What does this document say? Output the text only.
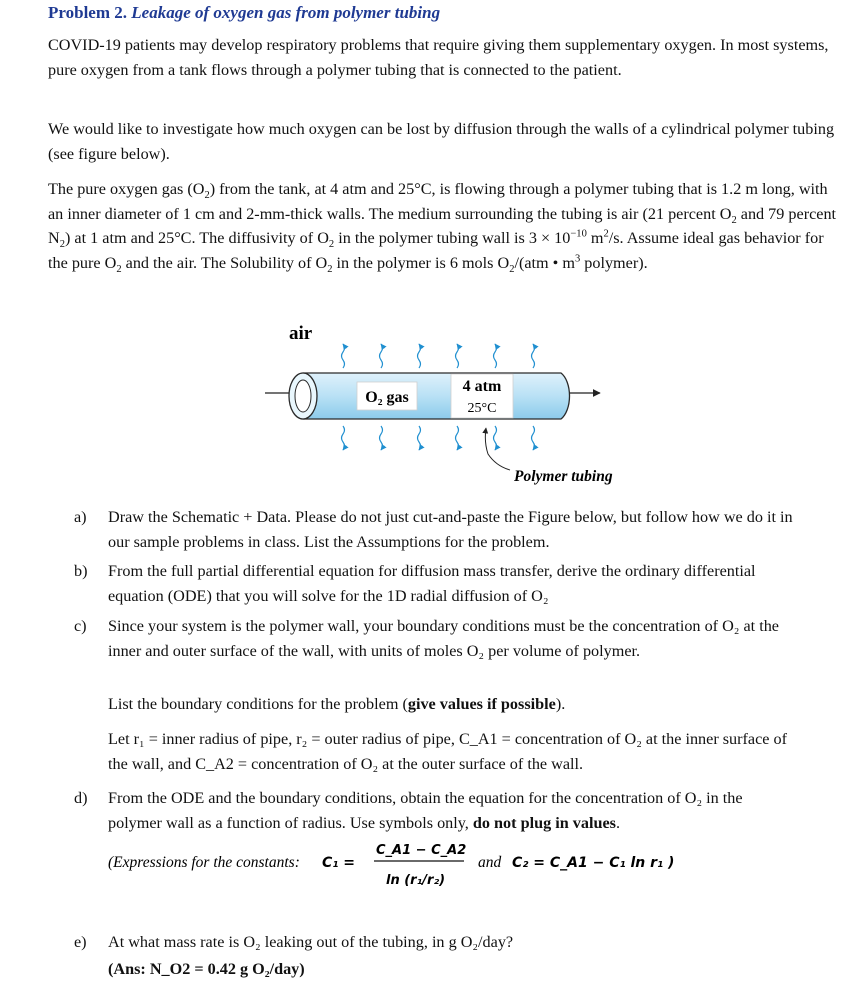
Problem 2. Leakage of oxygen gas from polymer tubing

COVID-19 patients may develop respiratory problems that require giving them supplementary oxygen. In most systems, pure oxygen from a tank flows through a polymer tubing that is connected to the patient.

We would like to investigate how much oxygen can be lost by diffusion through the walls of a cylindrical polymer tubing (see figure below).

The pure oxygen gas $(O_2)$ from the tank, at 4 atm and 25°C, is flowing through a polymer tubing that is 1.2 m long, with an inner diameter of 1 cm and 2-mm-thick walls. The medium surrounding the tubing is air (21 percent $O_2$ and 79 percent $N_2$) at 1 atm and 25°C. The diffusivity of $O_2$ in the polymer tubing wall is $3 \times 10^{-10}$ $m^2/s$. Assume ideal gas behavior for the pure $O_2$ and the air. The Solubility of $O_2$ in the polymer is 6 mols $O_2/(atm$ • $m^3$ polymer).

air
O₂ gas
4 atm
25°C
Polymer tubing
a) Draw the Schematic + Data. Please do not just cut-and-paste the Figure below, but follow how we do it in our sample problems in class. List the Assumptions for the problem.
b) From the full partial differential equation for diffusion mass transfer, derive the ordinary differential equation (ODE) that you will solve for the 1D radial diffusion of O₂
c) Since your system is the polymer wall, your boundary conditions must be the concentration of O₂ at the inner and outer surface of the wall, with units of moles O₂ per volume of polymer.
List the boundary conditions for the problem (give values if possible).
Let r₁ = inner radius of pipe, r₂ = outer radius of pipe, C_A1 = concentration of O₂ at the inner surface of the wall, and C_A2 = concentration of O₂ at the outer surface of the wall.
d) From the ODE and the boundary conditions, obtain the equation for the concentration of O₂ in the polymer wall as a function of radius. Use symbols only, do not plug in values.
(Expressions for the constants: C₁ =
C_A1 − C_A2
ln (r₁/r₂)
and C₂ = C_A1 − C₁ ln r₁ )
e) At what mass rate is O₂ leaking out of the tubing, in g O₂/day?
(Ans: N_O2 = 0.42 g O₂/day)
